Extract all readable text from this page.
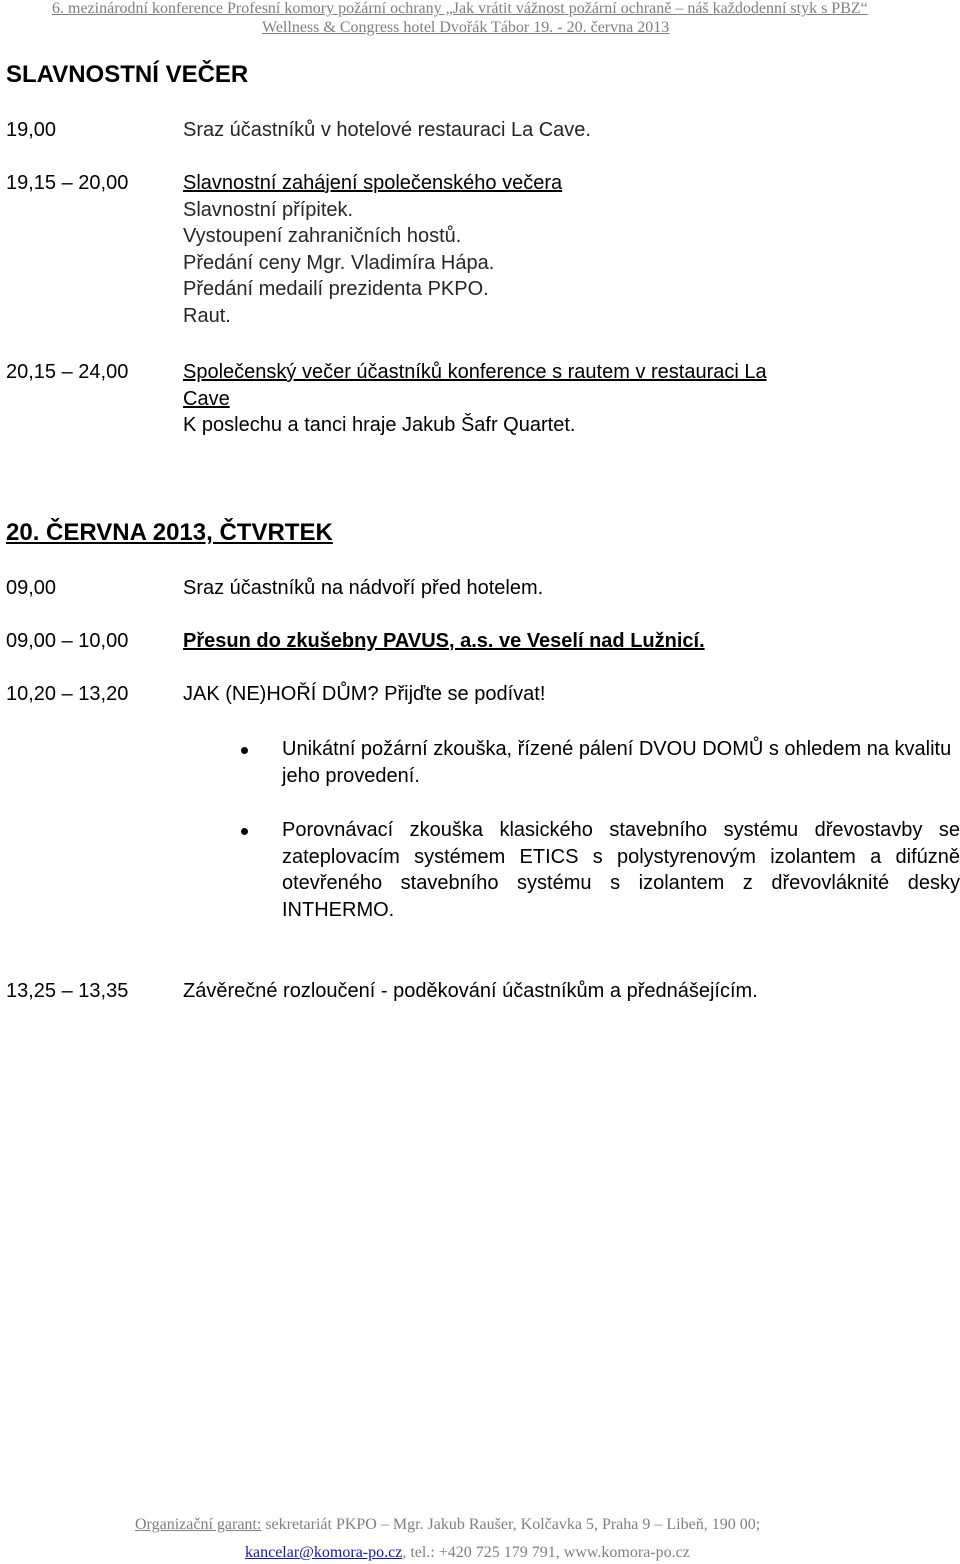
6. mezinárodní konference Profesní komory požární ochrany „Jak vrátit vážnost požární ochraně – náš každodenní styk s PBZ“
Wellness & Congress hotel Dvořák Tábor 19. - 20. června 2013
SLAVNOSTNÍ VEČER
19,00	Sraz účastníků v hotelové restauraci La Cave.
19,15 – 20,00	Slavnostní zahájení společenského večera
Slavnostní přípitek.
Vystoupení zahraničních hostů.
Předání ceny Mgr. Vladimíra Hápa.
Předání medailí prezidenta PKPO.
Raut.
20,15 – 24,00	Společenský večer účastníků konference s rautem v restauraci La
Cave
K poslechu a tanci hraje Jakub Šafr Quartet.
20. ČERVNA 2013, ČTVRTEK
09,00	Sraz účastníků na nádvoří před hotelem.
09,00 – 10,00	Přesun do zkušebny PAVUS, a.s. ve Veselí nad Lužnicí.
10,20 – 13,20	JAK (NE)HOŘÍ DŮM? Přijďte se podívat!
Unikátní požární zkouška, řízené pálení DVOU DOMŮ s ohledem na kvalitu jeho provedení.
Porovnávací zkouška klasického stavebního systému dřevostavby se zateplovacím systémem ETICS s polystyrenovým izolantem a difúzně otevřeného stavebního systému s izolantem z dřevovláknité desky INTHERMO.
13,25 – 13,35	Závěrečné rozloučení - poděkování účastníkům a přednášejícím.
Organizační garant: sekretariát PKPO – Mgr. Jakub Raušer, Kolčavka 5, Praha 9 – Libeň, 190 00;
kancelar@komora-po.cz, tel.: +420 725 179 791, www.komora-po.cz
